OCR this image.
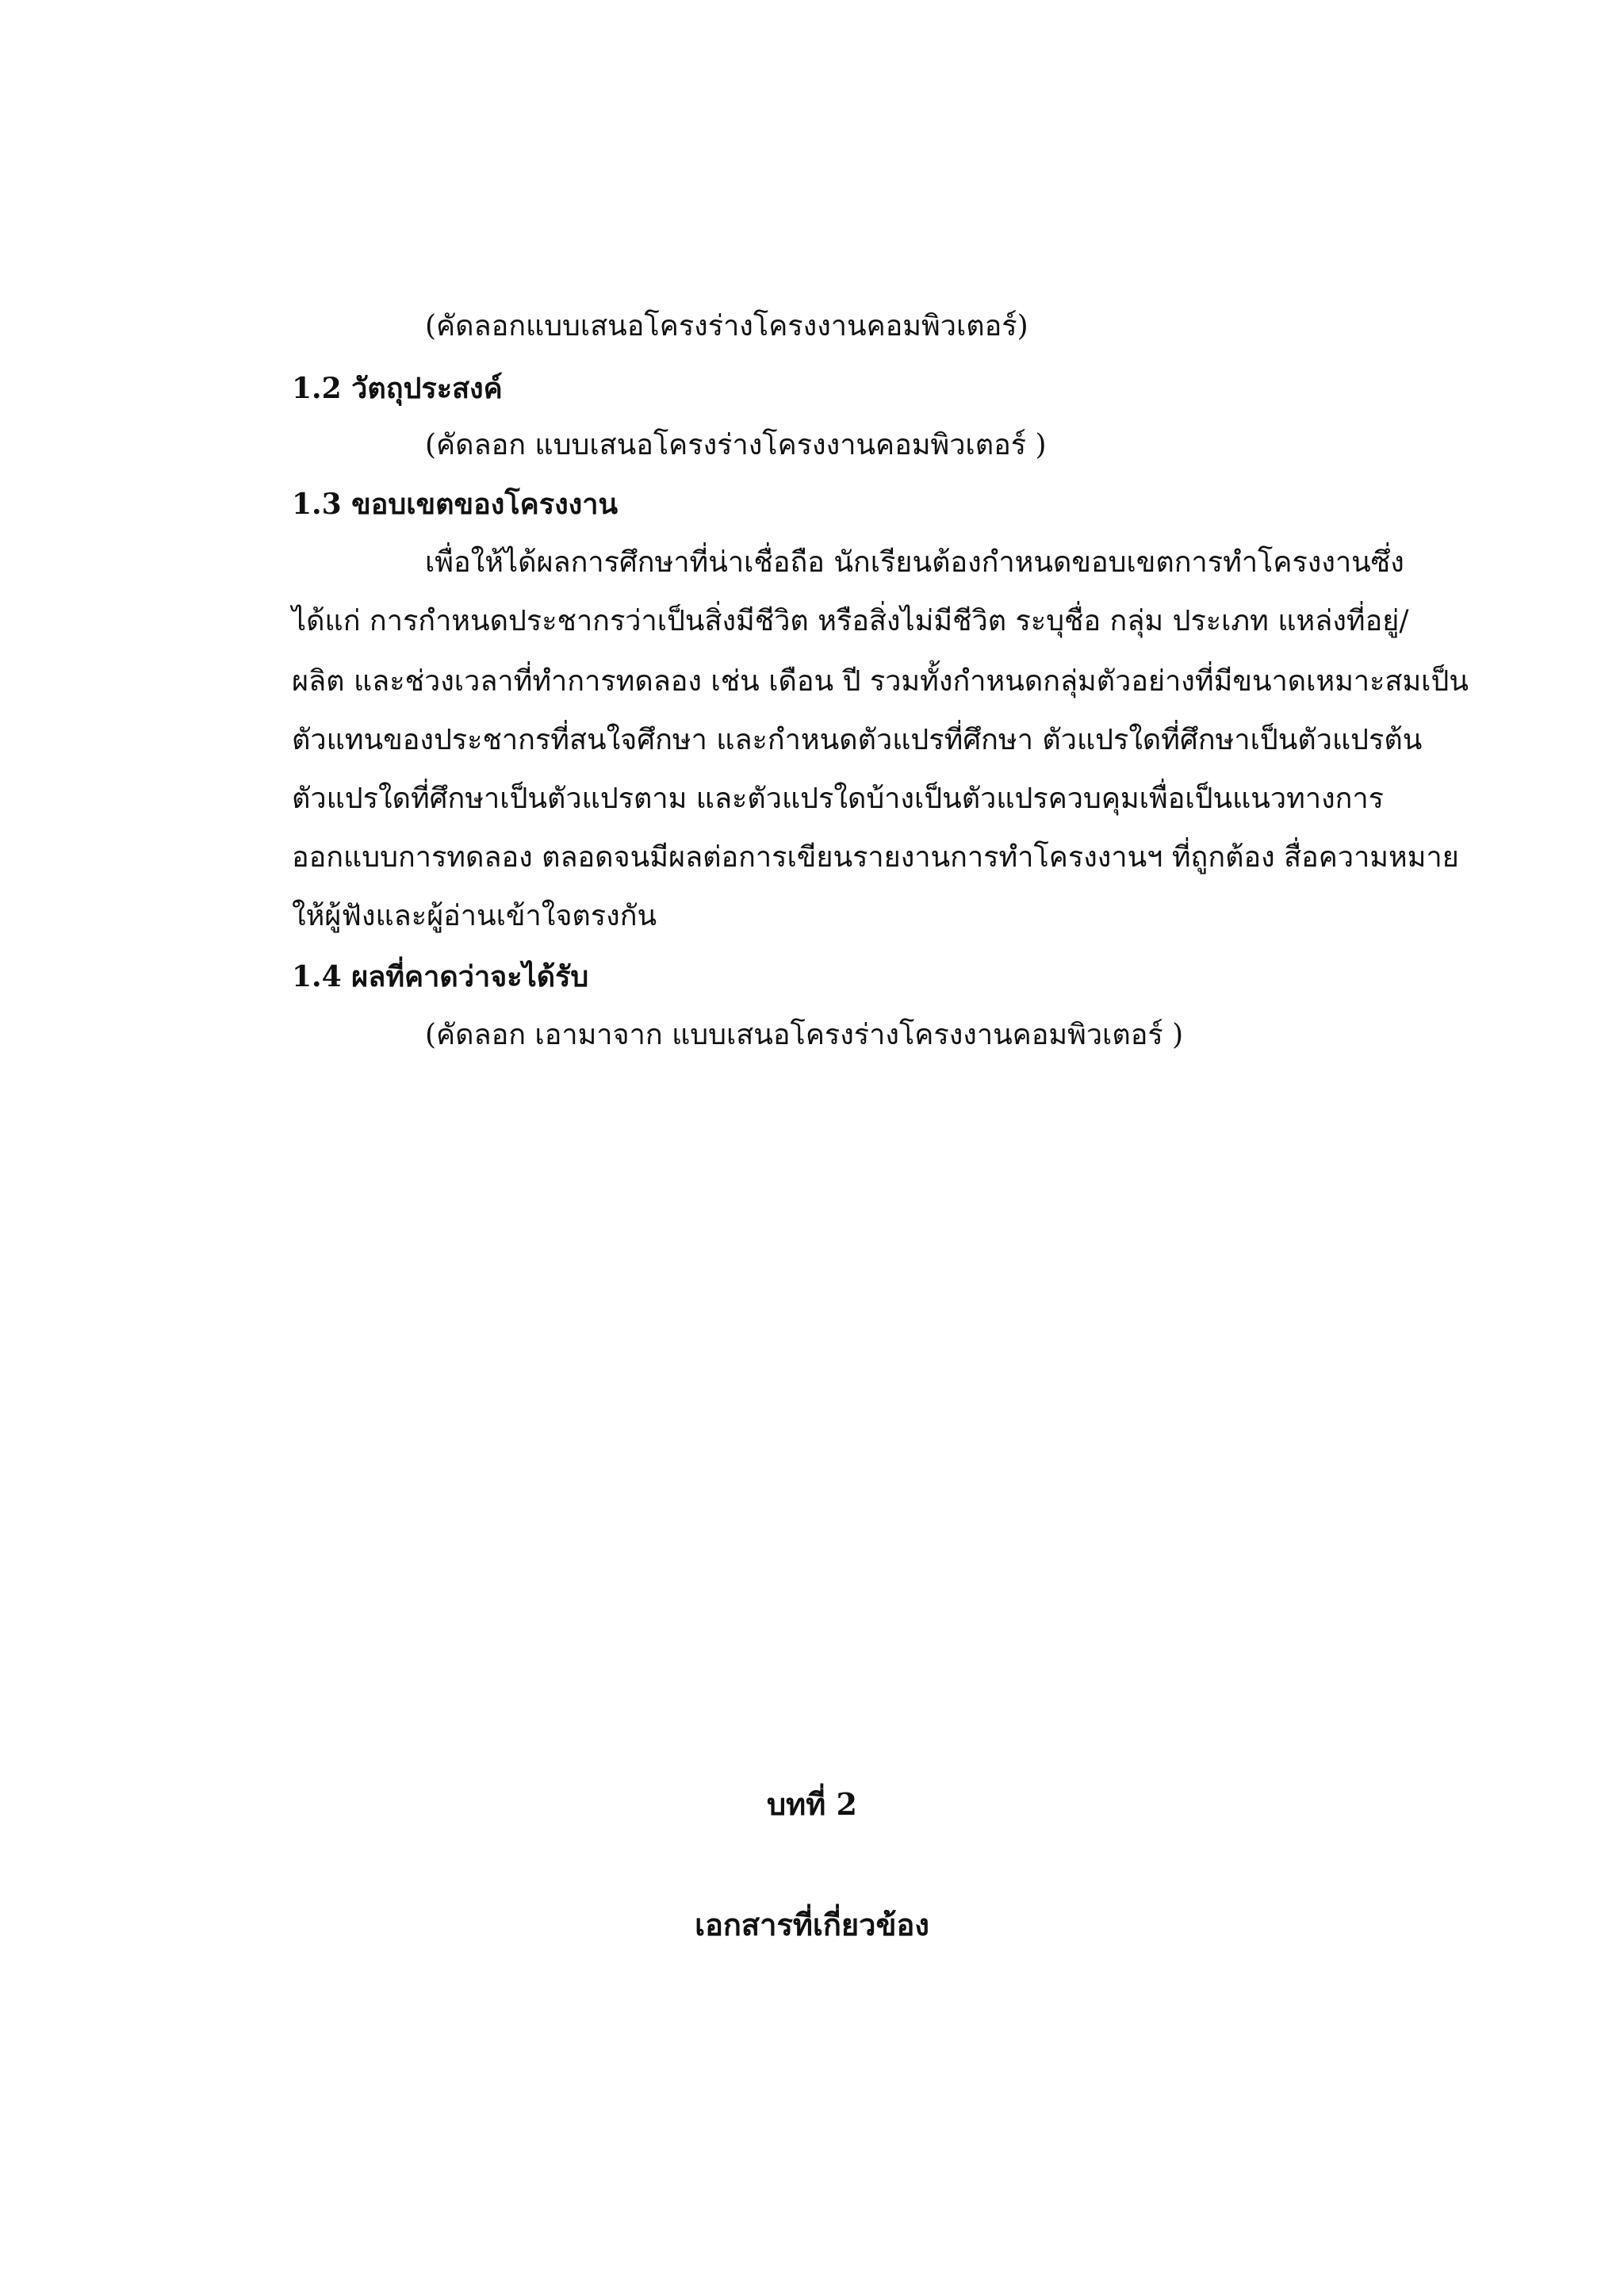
(คัดลอกแบบเสนอโครงร่างโครงงานคอมพิวเตอร์)

1.2 วัตถุประสงค์

(คัดลอก แบบเสนอโครงร่างโครงงานคอมพิวเตอร์ )

1.3 ขอบเขตของโครงงาน

เพื่อให้ได้ผลการศึกษาที่น่าเชื่อถือ นักเรียนต้องกำหนดขอบเขตการทำโครงงานซึ่ง

ได้แก่ การกำหนดประชากรว่าเป็นสิ่งมีชีวิต หรือสิ่งไม่มีชีวิต ระบุชื่อ กลุ่ม ประเภท แหล่งที่อยู่/

ผลิต และช่วงเวลาที่ทำการทดลอง เช่น เดือน ปี รวมทั้งกำหนดกลุ่มตัวอย่างที่มีขนาดเหมาะสมเป็น

ตัวแทนของประชากรที่สนใจศึกษา และกำหนดตัวแปรที่ศึกษา ตัวแปรใดที่ศึกษาเป็นตัวแปรต้น

ตัวแปรใดที่ศึกษาเป็นตัวแปรตาม และตัวแปรใดบ้างเป็นตัวแปรควบคุมเพื่อเป็นแนวทางการ

ออกแบบการทดลอง ตลอดจนมีผลต่อการเขียนรายงานการทำโครงงานฯ ที่ถูกต้อง สื่อความหมาย

ให้ผู้ฟังและผู้อ่านเข้าใจตรงกัน

1.4 ผลที่คาดว่าจะได้รับ

(คัดลอก เอามาจาก แบบเสนอโครงร่างโครงงานคอมพิวเตอร์ )

บทที่ 2

เอกสารที่เกี่ยวข้อง
